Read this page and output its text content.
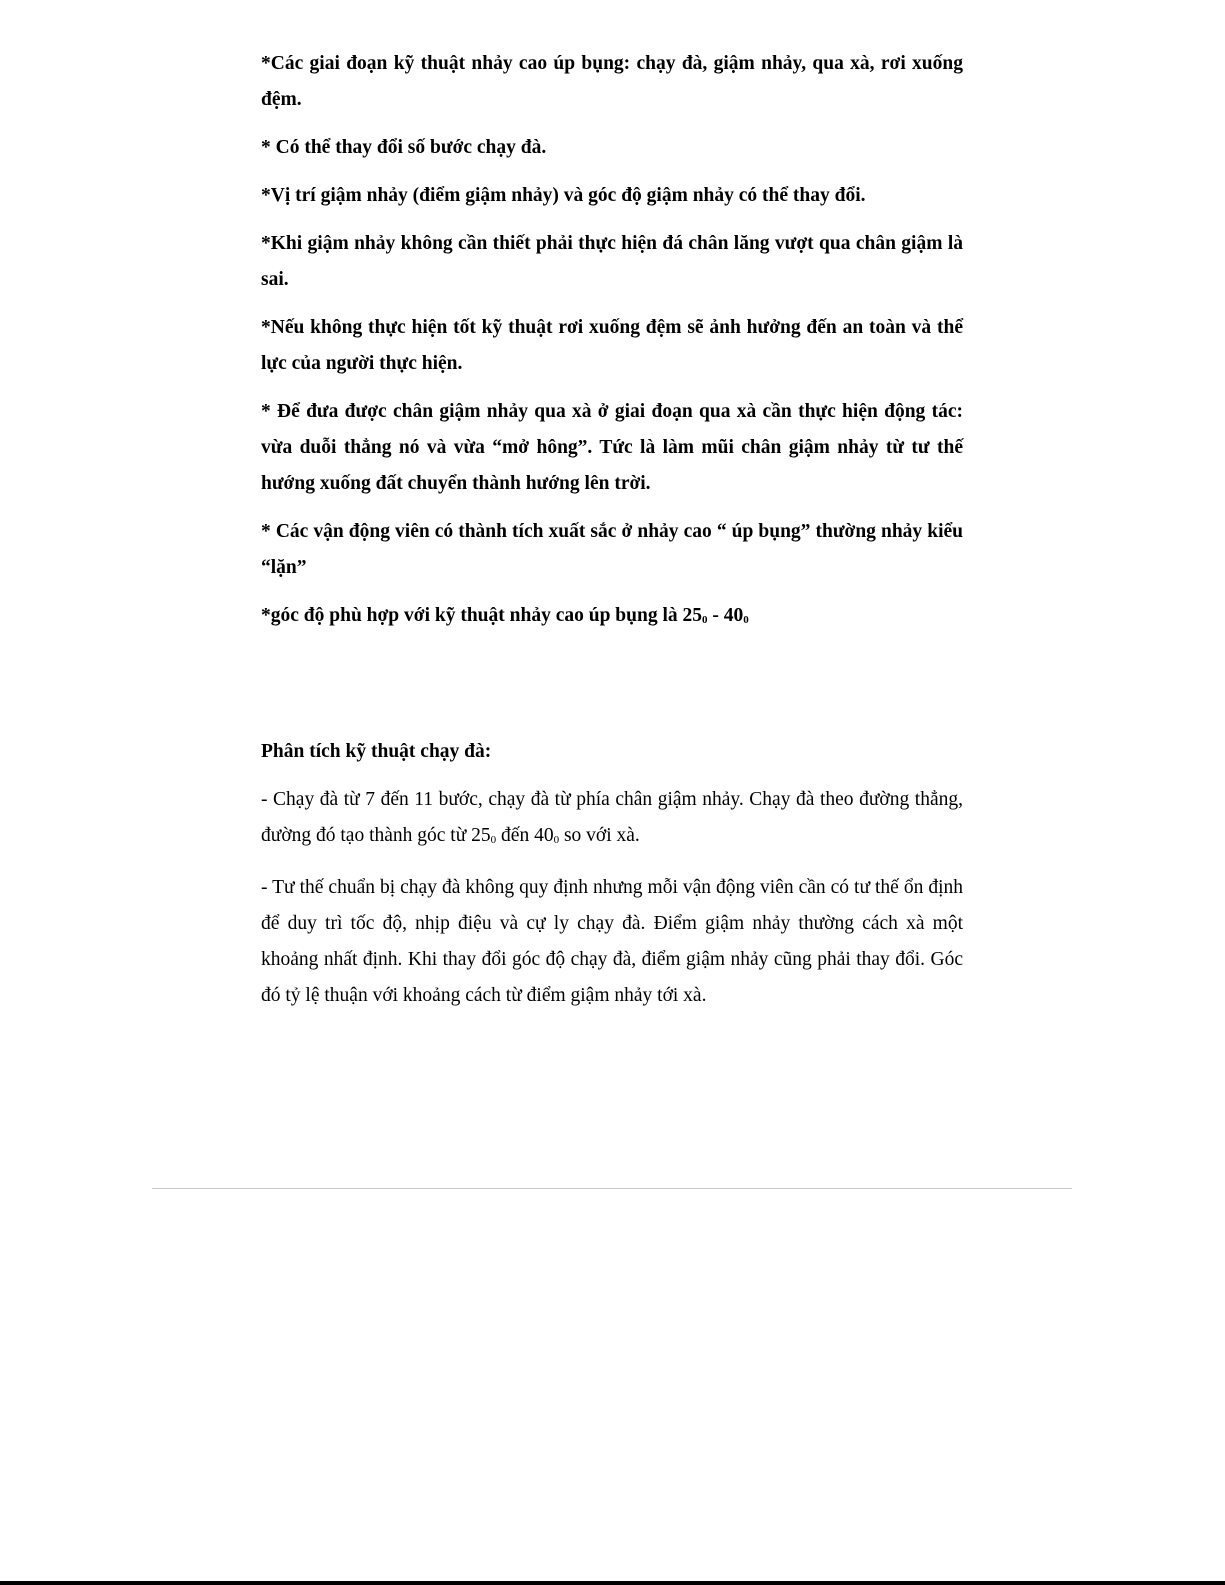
*Các giai đoạn kỹ thuật nhảy cao úp bụng: chạy đà, giậm nhảy, qua xà, rơi xuống đệm.

* Có thể thay đổi số bước chạy đà.

*Vị trí giậm nhảy (điểm giậm nhảy) và góc độ giậm nhảy có thể thay đổi.

*Khi giậm nhảy không cần thiết phải thực hiện đá chân lăng vượt qua chân giậm là sai.

*Nếu không thực hiện tốt kỹ thuật rơi xuống đệm sẽ ảnh hưởng đến an toàn và thể lực của người thực hiện.

* Để đưa được chân giậm nhảy qua xà ở giai đoạn qua xà cần thực hiện động tác: vừa duỗi thẳng nó và vừa “mở hông”. Tức là làm mũi chân giậm nhảy từ tư thế hướng xuống đất chuyển thành hướng lên trời.

* Các vận động viên có thành tích xuất sắc ở nhảy cao “ úp bụng” thường nhảy kiểu “lặn”

*góc độ phù hợp với kỹ thuật nhảy cao úp bụng là 250 - 400

Phân tích kỹ thuật chạy đà:

- Chạy đà từ 7 đến 11 bước, chạy đà từ phía chân giậm nhảy. Chạy đà theo đường thẳng, đường đó tạo thành góc từ 250 đến 400 so với xà.

- Tư thế chuẩn bị chạy đà không quy định nhưng mỗi vận động viên cần có tư thế ổn định để duy trì tốc độ, nhịp điệu và cự ly chạy đà. Điểm giậm nhảy thường cách xà một khoảng nhất định. Khi thay đổi góc độ chạy đà, điểm giậm nhảy cũng phải thay đổi. Góc đó tỷ lệ thuận với khoảng cách từ điểm giậm nhảy tới xà.
